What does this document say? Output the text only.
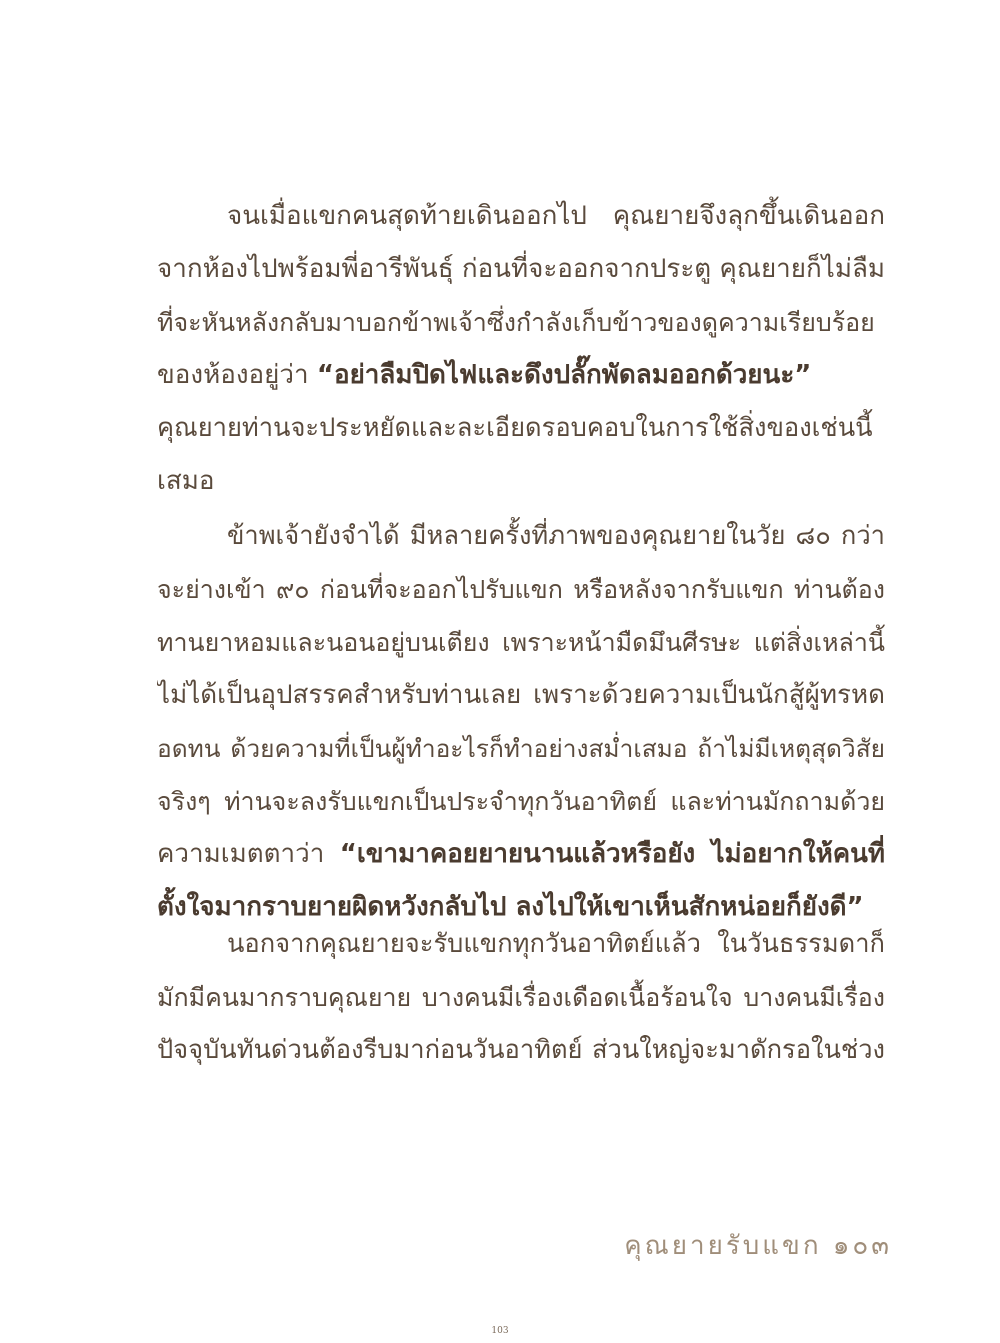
จนเมื่อแขกคนสุดท้ายเดินออกไป คุณยายจึงลุกขึ้นเดินออก
จากห้องไปพร้อมพี่อารีพันธุ์ ก่อนที่จะออกจากประตู คุณยายก็ไม่ลืม
ที่จะหันหลังกลับมาบอกข้าพเจ้าซึ่งกำลังเก็บข้าวของดูความเรียบร้อย
ของห้องอยู่ว่า “อย่าลืมปิดไฟและดึงปลั๊กพัดลมออกด้วยนะ”
คุณยายท่านจะประหยัดและละเอียดรอบคอบในการใช้สิ่งของเช่นนี้
เสมอ
ข้าพเจ้ายังจำได้ มีหลายครั้งที่ภาพของคุณยายในวัย ๘๐ กว่า
จะย่างเข้า ๙๐ ก่อนที่จะออกไปรับแขก หรือหลังจากรับแขก ท่านต้อง
ทานยาหอมและนอนอยู่บนเตียง เพราะหน้ามืดมึนศีรษะ แต่สิ่งเหล่านี้
ไม่ได้เป็นอุปสรรคสำหรับท่านเลย เพราะด้วยความเป็นนักสู้ผู้ทรหด
อดทน ด้วยความที่เป็นผู้ทำอะไรก็ทำอย่างสม่ำเสมอ ถ้าไม่มีเหตุสุดวิสัย
จริงๆ ท่านจะลงรับแขกเป็นประจำทุกวันอาทิตย์ และท่านมักถามด้วย
ความเมตตาว่า “เขามาคอยยายนานแล้วหรือยัง ไม่อยากให้คนที่
ตั้งใจมากราบยายผิดหวังกลับไป ลงไปให้เขาเห็นสักหน่อยก็ยังดี”
นอกจากคุณยายจะรับแขกทุกวันอาทิตย์แล้ว ในวันธรรมดาก็
มักมีคนมากราบคุณยาย บางคนมีเรื่องเดือดเนื้อร้อนใจ บางคนมีเรื่อง
ปัจจุบันทันด่วนต้องรีบมาก่อนวันอาทิตย์ ส่วนใหญ่จะมาดักรอในช่วง
คุณยายรับแขก ๑๐๓
103
